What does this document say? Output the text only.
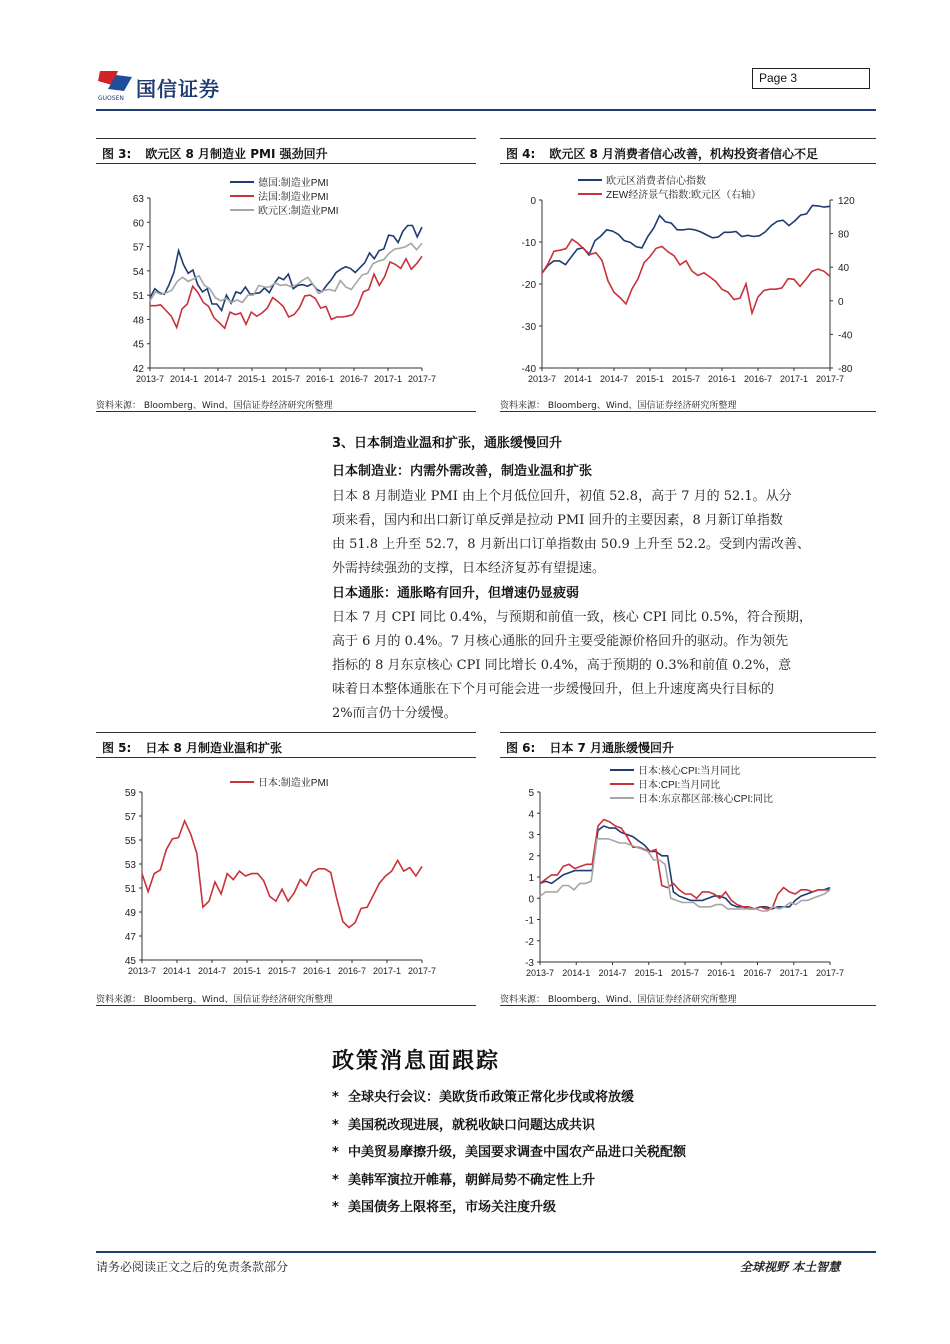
国信证券
GUOSEN
Page 3
图 3: 欧元区 8 月制造业 PMI 强劲回升
42
45
48
51
54
57
60
63
2013-7 2014-1 2014-7 2015-1 2015-7 2016-1 2016-7 2017-1 2017-7
德国:制造业PMI
法国:制造业PMI
欧元区:制造业PMI
资料来源： Bloomberg、Wind、国信证券经济研究所整理
图 4: 欧元区 8 月消费者信心改善，机构投资者信心不足
0
-10
-20
-30
-40
120
80
40
0
-40
-80
2013-7 2014-1 2014-7 2015-1 2015-7 2016-1 2016-7 2017-1 2017-7
欧元区消费者信心指数
ZEW经济景气指数:欧元区（右轴）
资料来源： Bloomberg、Wind、国信证券经济研究所整理
3、日本制造业温和扩张，通胀缓慢回升
日本制造业：内需外需改善，制造业温和扩张
日本 8 月制造业 PMI 由上个月低位回升，初值 52.8，高于 7 月的 52.1。从分
项来看，国内和出口新订单反弹是拉动 PMI 回升的主要因素，8 月新订单指数
由 51.8 上升至 52.7，8 月新出口订单指数由 50.9 上升至 52.2。受到内需改善、
外需持续强劲的支撑，日本经济复苏有望提速。
日本通胀：通胀略有回升，但增速仍显疲弱
日本 7 月 CPI 同比 0.4%，与预期和前值一致，核心 CPI 同比 0.5%，符合预期，
高于 6 月的 0.4%。7 月核心通胀的回升主要受能源价格回升的驱动。作为领先
指标的 8 月东京核心 CPI 同比增长 0.4%，高于预期的 0.3%和前值 0.2%，意
味着日本整体通胀在下个月可能会进一步缓慢回升，但上升速度离央行目标的
2%而言仍十分缓慢。
图 5: 日本 8 月制造业温和扩张
45
47
49
51
53
55
57
59
2013-7 2014-1 2014-7 2015-1 2015-7 2016-1 2016-7 2017-1 2017-7
日本:制造业PMI
资料来源： Bloomberg、Wind、国信证券经济研究所整理
图 6: 日本 7 月通胀缓慢回升
5
4
3
2
1
0
-1
-2
-3
2013-7 2014-1 2014-7 2015-1 2015-7 2016-1 2016-7 2017-1 2017-7
日本:核心CPI:当月同比
日本:CPI:当月同比
日本:东京都区部:核心CPI:同比
资料来源： Bloomberg、Wind、国信证券经济研究所整理
政策消息面跟踪
* 全球央行会议：美欧货币政策正常化步伐或将放缓
* 美国税改现进展，就税收缺口问题达成共识
* 中美贸易摩擦升级，美国要求调查中国农产品进口关税配额
* 美韩军演拉开帷幕，朝鲜局势不确定性上升
* 美国债务上限将至，市场关注度升级
请务必阅读正文之后的免责条款部分	全球视野 本土智慧
